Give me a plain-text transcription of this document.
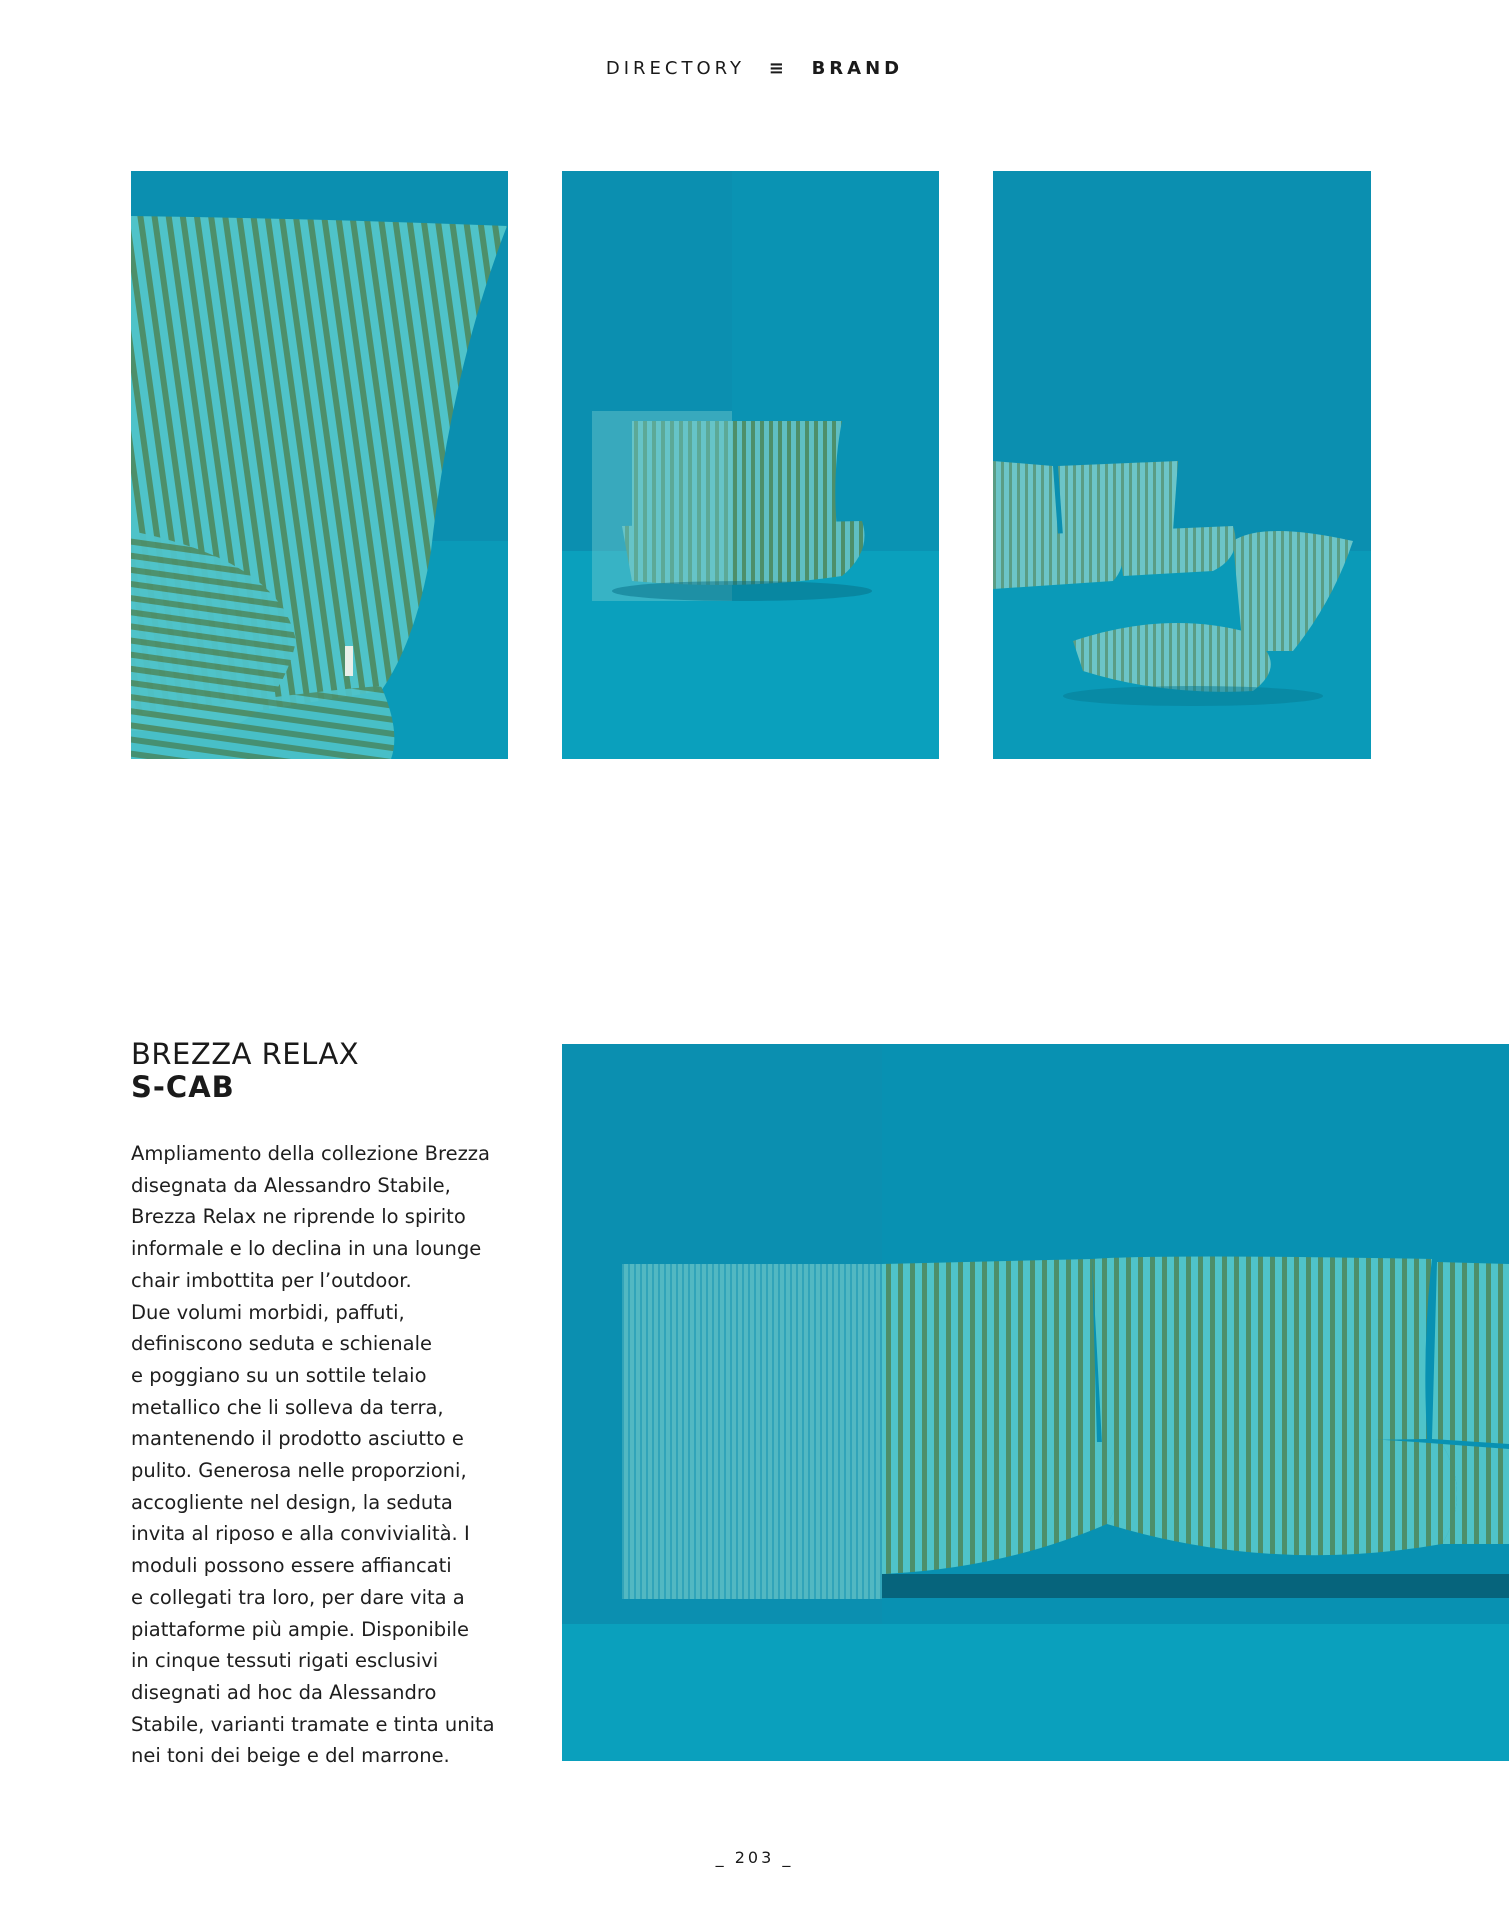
DIRECTORY ≡ BRAND
BREZZA RELAX
S-CAB

Ampliamento della collezione Brezza

disegnata da Alessandro Stabile,

Brezza Relax ne riprende lo spirito

informale e lo declina in una lounge

chair imbottita per l’outdoor.

Due volumi morbidi, paffuti,

definiscono seduta e schienale

e poggiano su un sottile telaio

metallico che li solleva da terra,

mantenendo il prodotto asciutto e

pulito. Generosa nelle proporzioni,

accogliente nel design, la seduta

invita al riposo e alla convivialità. I

moduli possono essere affiancati

e collegati tra loro, per dare vita a

piattaforme più ampie. Disponibile

in cinque tessuti rigati esclusivi

disegnati ad hoc da Alessandro

Stabile, varianti tramate e tinta unita

nei toni dei beige e del marrone.

_ 203 _
